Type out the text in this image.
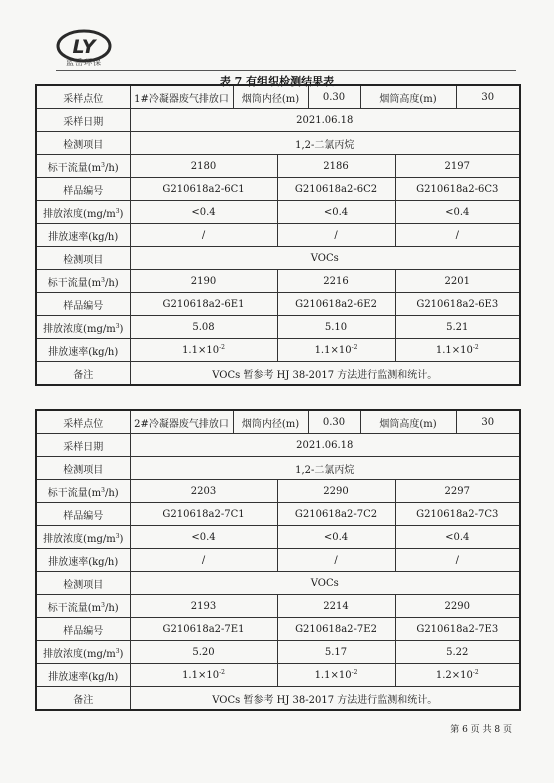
LY
蓝岳环保
表 7 有组织检测结果表
采样点位	1#冷凝器废气排放口	烟筒内径(m)		0.30	烟筒高度(m)		30
采样日期	2021.06.18						
检测项目	1,2-二氯丙烷						
标干流量$(m^3/h)$	2180		2186			2197	
样品编号	G210618a2-6C1		G210618a2-6C2			G210618a2-6C3	
排放浓度$(mg/m^3)$	<0.4		<0.4			<0.4	
排放速率(kg/h)	/		/			/	
检测项目	VOCs						
标干流量$(m^3/h)$	2190		2216			2201	
样品编号	G210618a2-6E1		G210618a2-6E2			G210618a2-6E3	
排放浓度$(mg/m^3)$	5.08		5.10			5.21	
排放速率(kg/h)	$1.1\times 10^{-2}$		$1.1\times 10^{-2}$			$1.1\times 10^{-2}$
备注	VOCs 暂参考 HJ 38-2017 方法进行监测和统计。						
采样点位	2#冷凝器废气排放口	烟筒内径(m)		0.30	烟筒高度(m)		30
采样日期	2021.06.18						
检测项目	1,2-二氯丙烷						
标干流量$(m^3/h)$	2203		2290			2297	
样品编号	G210618a2-7C1		G210618a2-7C2			G210618a2-7C3	
排放浓度$(mg/m^3)$	<0.4		<0.4			<0.4	
排放速率(kg/h)	/		/			/	
检测项目	VOCs						
标干流量$(m^3/h)$	2193		2214			2290	
样品编号	G210618a2-7E1		G210618a2-7E2			G210618a2-7E3	
排放浓度$(mg/m^3)$	5.20		5.17			5.22	
排放速率(kg/h)	$1.1\times 10^{-2}$		$1.1\times 10^{-2}$			$1.2\times 10^{-2}$
备注	VOCs 暂参考 HJ 38-2017 方法进行监测和统计。						
第 6 页 共 8 页
